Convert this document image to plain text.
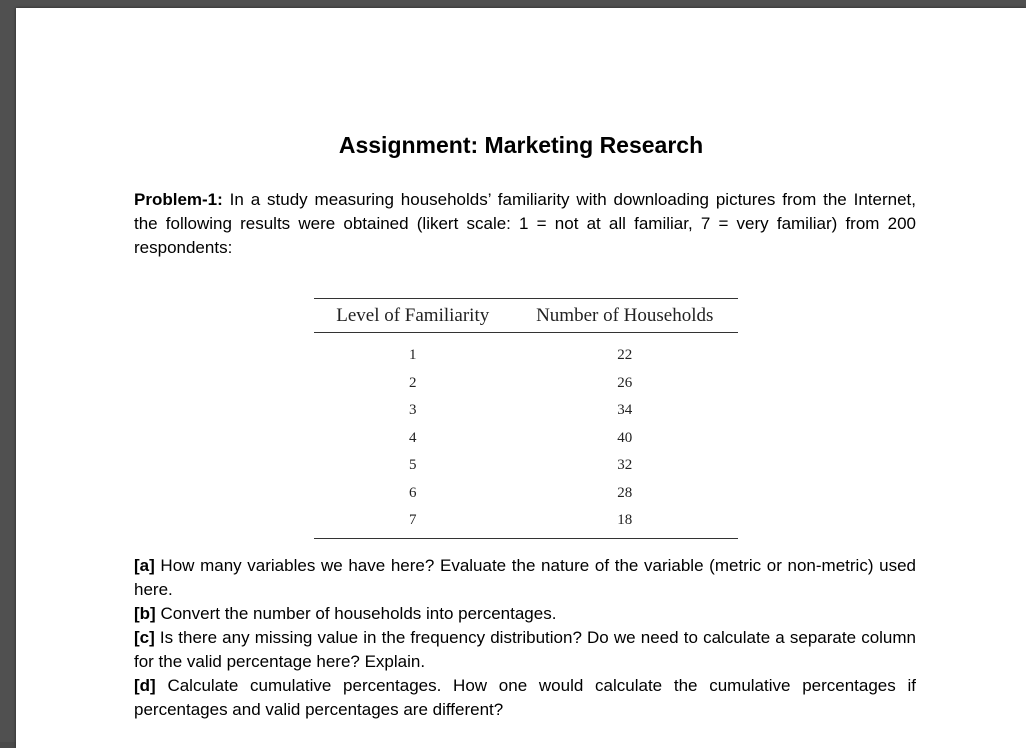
Assignment: Marketing Research
Problem-1: In a study measuring households’ familiarity with downloading pictures from the Internet, the following results were obtained (likert scale: 1 = not at all familiar, 7 = very familiar) from 200 respondents:
Level of Familiarity	Number of Households
1	22
2	26
3	34
4	40
5	32
6	28
7	18

[a] How many variables we have here? Evaluate the nature of the variable (metric or non-metric) used here.

[b] Convert the number of households into percentages.

[c] Is there any missing value in the frequency distribution? Do we need to calculate a separate column for the valid percentage here? Explain.

[d] Calculate cumulative percentages. How one would calculate the cumulative percentages if percentages and valid percentages are different?
